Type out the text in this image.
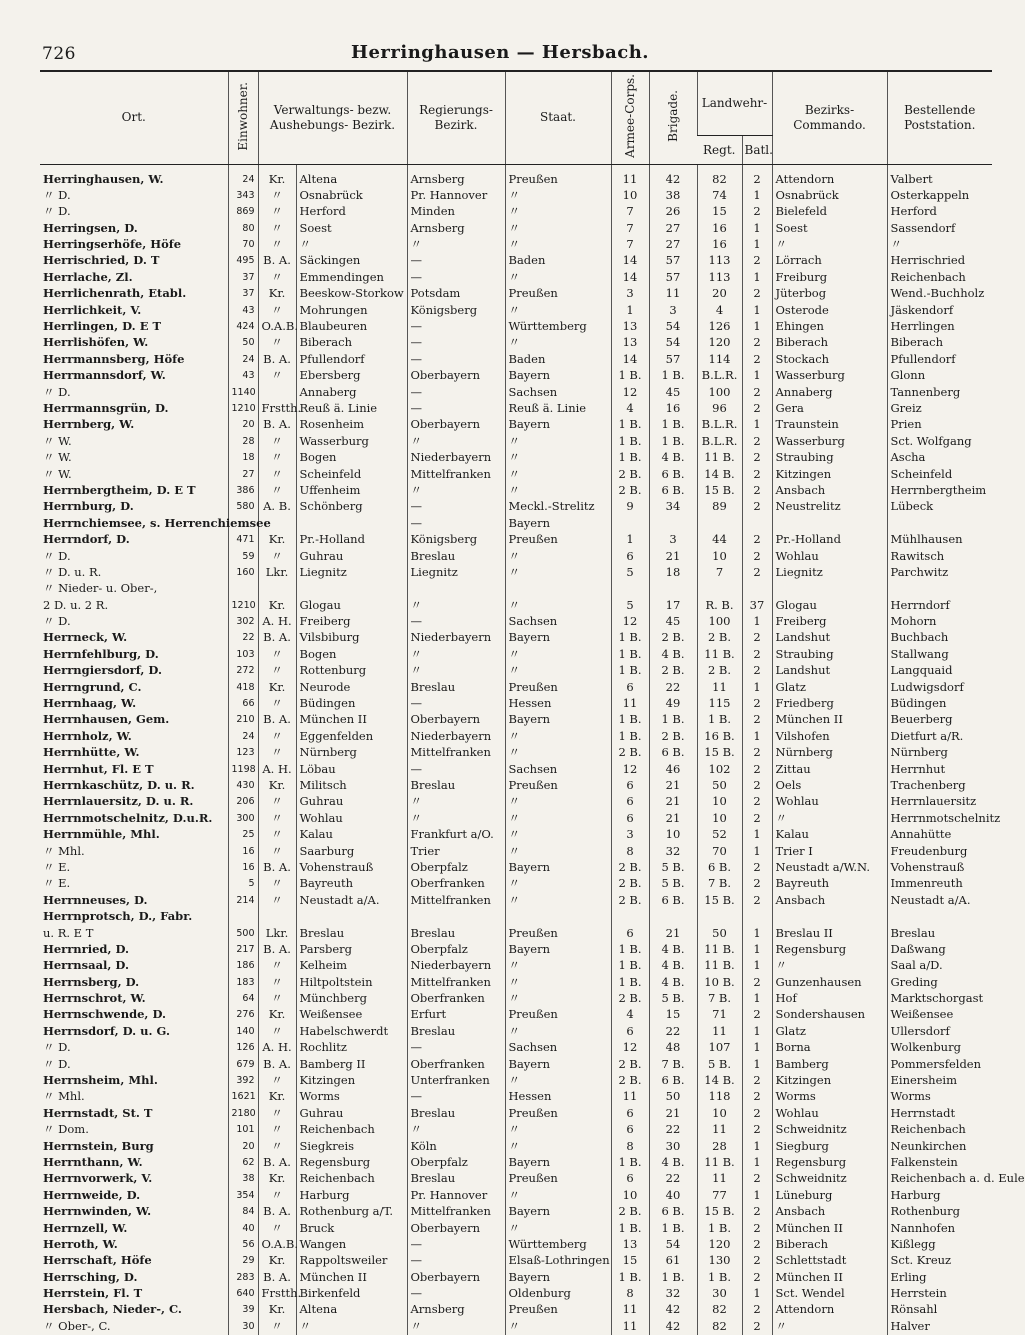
726	Herringhausen — Hersbach.
Ort.	Einwohner.	Verwaltungs- bezw. Aushebungs- Bezirk.		Regierungs- Bezirk.	Staat.	Armee-Corps.	Brigade.	Landwehr-		Bezirks- Commando.	Bestellende Poststation.
								Regt.	Batl.		
Herringhausen, W.	24	Kr.	Altena	Arnsberg	Preußen	11	42	82	2	Attendorn	Valbert
〃 D.	343	〃	Osnabrück	Pr. Hannover	〃	10	38	74	1	Osnabrück	Osterkappeln
〃 D.	869	〃	Herford	Minden	〃	7	26	15	2	Bielefeld	Herford
Herringsen, D.	80	〃	Soest	Arnsberg	〃	7	27	16	1	Soest	Sassendorf
Herringserhöfe, Höfe	70	〃	〃	〃	〃	7	27	16	1	〃	〃
Herrischried, D. T	495	B. A.	Säckingen	—	Baden	14	57	113	2	Lörrach	Herrischried
Herrlache, Zl.	37	〃	Emmendingen	—	〃	14	57	113	1	Freiburg	Reichenbach
Herrlichenrath, Etabl.	37	Kr.	Beeskow-Storkow	Potsdam	Preußen	3	11	20	2	Jüterbog	Wend.-Buchholz
Herrlichkeit, V.	43	〃	Mohrungen	Königsberg	〃	1	3	4	1	Osterode	Jäskendorf
Herrlingen, D. E T	424	O.A.B.	Blaubeuren	—	Württemberg	13	54	126	1	Ehingen	Herrlingen
Herrlishöfen, W.	50	〃	Biberach	—	〃	13	54	120	2	Biberach	Biberach
Herrmannsberg, Höfe	24	B. A.	Pfullendorf	—	Baden	14	57	114	2	Stockach	Pfullendorf
Herrmannsdorf, W.	43	〃	Ebersberg	Oberbayern	Bayern	1 B.	1 B.	B.L.R.	1	Wasserburg	Glonn
〃 D.	1140		Annaberg	—	Sachsen	12	45	100	2	Annaberg	Tannenberg
Herrmannsgrün, D.	1210	Frstth.	Reuß ä. Linie	—	Reuß ä. Linie	4	16	96	2	Gera	Greiz
Herrnberg, W.	20	B. A.	Rosenheim	Oberbayern	Bayern	1 B.	1 B.	B.L.R.	1	Traunstein	Prien
〃 W.	28	〃	Wasserburg	〃	〃	1 B.	1 B.	B.L.R.	2	Wasserburg	Sct. Wolfgang
〃 W.	18	〃	Bogen	Niederbayern	〃	1 B.	4 B.	11 B.	2	Straubing	Ascha
〃 W.	27	〃	Scheinfeld	Mittelfranken	〃	2 B.	6 B.	14 B.	2	Kitzingen	Scheinfeld
Herrnbergtheim, D. E T	386	〃	Uffenheim	〃	〃	2 B.	6 B.	15 B.	2	Ansbach	Herrnbergtheim
Herrnburg, D.	580	A. B.	Schönberg	—	Meckl.-Strelitz	9	34	89	2	Neustrelitz	Lübeck
Herrnchiemsee, s. Herrenchiemsee				—	Bayern						
Herrndorf, D.	471	Kr.	Pr.-Holland	Königsberg	Preußen	1	3	44	2	Pr.-Holland	Mühlhausen
〃 D.	59	〃	Guhrau	Breslau	〃	6	21	10	2	Wohlau	Rawitsch
〃 D. u. R.	160	Lkr.	Liegnitz	Liegnitz	〃	5	18	7	2	Liegnitz	Parchwitz
〃 Nieder- u. Ober-,											
2 D. u. 2 R.	1210	Kr.	Glogau	〃	〃	5	17	R. B.	37	Glogau	Herrndorf
〃 D.	302	A. H.	Freiberg	—	Sachsen	12	45	100	1	Freiberg	Mohorn
Herrneck, W.	22	B. A.	Vilsbiburg	Niederbayern	Bayern	1 B.	2 B.	2 B.	2	Landshut	Buchbach
Herrnfehlburg, D.	103	〃	Bogen	〃	〃	1 B.	4 B.	11 B.	2	Straubing	Stallwang
Herrngiersdorf, D.	272	〃	Rottenburg	〃	〃	1 B.	2 B.	2 B.	2	Landshut	Langquaid
Herrngrund, C.	418	Kr.	Neurode	Breslau	Preußen	6	22	11	1	Glatz	Ludwigsdorf
Herrnhaag, W.	66	〃	Büdingen	—	Hessen	11	49	115	2	Friedberg	Büdingen
Herrnhausen, Gem.	210	B. A.	München II	Oberbayern	Bayern	1 B.	1 B.	1 B.	2	München II	Beuerberg
Herrnholz, W.	24	〃	Eggenfelden	Niederbayern	〃	1 B.	2 B.	16 B.	1	Vilshofen	Dietfurt a/R.
Herrnhütte, W.	123	〃	Nürnberg	Mittelfranken	〃	2 B.	6 B.	15 B.	2	Nürnberg	Nürnberg
Herrnhut, Fl. E T	1198	A. H.	Löbau	—	Sachsen	12	46	102	2	Zittau	Herrnhut
Herrnkaschütz, D. u. R.	430	Kr.	Militsch	Breslau	Preußen	6	21	50	2	Oels	Trachenberg
Herrnlauersitz, D. u. R.	206	〃	Guhrau	〃	〃	6	21	10	2	Wohlau	Herrnlauersitz
Herrnmotschelnitz, D.u.R.	300	〃	Wohlau	〃	〃	6	21	10	2	〃	Herrnmotschelnitz
Herrnmühle, Mhl.	25	〃	Kalau	Frankfurt a/O.	〃	3	10	52	1	Kalau	Annahütte
〃 Mhl.	16	〃	Saarburg	Trier	〃	8	32	70	1	Trier I	Freudenburg
〃 E.	16	B. A.	Vohenstrauß	Oberpfalz	Bayern	2 B.	5 B.	6 B.	2	Neustadt a/W.N.	Vohenstrauß
〃 E.	5	〃	Bayreuth	Oberfranken	〃	2 B.	5 B.	7 B.	2	Bayreuth	Immenreuth
Herrnneuses, D.	214	〃	Neustadt a/A.	Mittelfranken	〃	2 B.	6 B.	15 B.	2	Ansbach	Neustadt a/A.
Herrnprotsch, D., Fabr.											
u. R. E T	500	Lkr.	Breslau	Breslau	Preußen	6	21	50	1	Breslau II	Breslau
Herrnried, D.	217	B. A.	Parsberg	Oberpfalz	Bayern	1 B.	4 B.	11 B.	1	Regensburg	Daßwang
Herrnsaal, D.	186	〃	Kelheim	Niederbayern	〃	1 B.	4 B.	11 B.	1	〃	Saal a/D.
Herrnsberg, D.	183	〃	Hiltpoltstein	Mittelfranken	〃	1 B.	4 B.	10 B.	2	Gunzenhausen	Greding
Herrnschrot, W.	64	〃	Münchberg	Oberfranken	〃	2 B.	5 B.	7 B.	1	Hof	Marktschorgast
Herrnschwende, D.	276	Kr.	Weißensee	Erfurt	Preußen	4	15	71	2	Sondershausen	Weißensee
Herrnsdorf, D. u. G.	140	〃	Habelschwerdt	Breslau	〃	6	22	11	1	Glatz	Ullersdorf
〃 D.	126	A. H.	Rochlitz	—	Sachsen	12	48	107	1	Borna	Wolkenburg
〃 D.	679	B. A.	Bamberg II	Oberfranken	Bayern	2 B.	7 B.	5 B.	1	Bamberg	Pommersfelden
Herrnsheim, Mhl.	392	〃	Kitzingen	Unterfranken	〃	2 B.	6 B.	14 B.	2	Kitzingen	Einersheim
〃 Mhl.	1621	Kr.	Worms	—	Hessen	11	50	118	2	Worms	Worms
Herrnstadt, St. T	2180	〃	Guhrau	Breslau	Preußen	6	21	10	2	Wohlau	Herrnstadt
〃 Dom.	101	〃	Reichenbach	〃	〃	6	22	11	2	Schweidnitz	Reichenbach
Herrnstein, Burg	20	〃	Siegkreis	Köln	〃	8	30	28	1	Siegburg	Neunkirchen
Herrnthann, W.	62	B. A.	Regensburg	Oberpfalz	Bayern	1 B.	4 B.	11 B.	1	Regensburg	Falkenstein
Herrnvorwerk, V.	38	Kr.	Reichenbach	Breslau	Preußen	6	22	11	2	Schweidnitz	Reichenbach a. d. Eule
Herrnweide, D.	354	〃	Harburg	Pr. Hannover	〃	10	40	77	1	Lüneburg	Harburg
Herrnwinden, W.	84	B. A.	Rothenburg a/T.	Mittelfranken	Bayern	2 B.	6 B.	15 B.	2	Ansbach	Rothenburg
Herrnzell, W.	40	〃	Bruck	Oberbayern	〃	1 B.	1 B.	1 B.	2	München II	Nannhofen
Herroth, W.	56	O.A.B.	Wangen	—	Württemberg	13	54	120	2	Biberach	Kißlegg
Herrschaft, Höfe	29	Kr.	Rappoltsweiler	—	Elsaß-Lothringen	15	61	130	2	Schlettstadt	Sct. Kreuz
Herrsching, D.	283	B. A.	München II	Oberbayern	Bayern	1 B.	1 B.	1 B.	2	München II	Erling
Herrstein, Fl. T	640	Frstth.	Birkenfeld	—	Oldenburg	8	32	30	1	Sct. Wendel	Herrstein
Hersbach, Nieder-, C.	39	Kr.	Altena	Arnsberg	Preußen	11	42	82	2	Attendorn	Rönsahl
〃 Ober-, C.	30	〃	〃	〃	〃	11	42	82	2	〃	Halver
